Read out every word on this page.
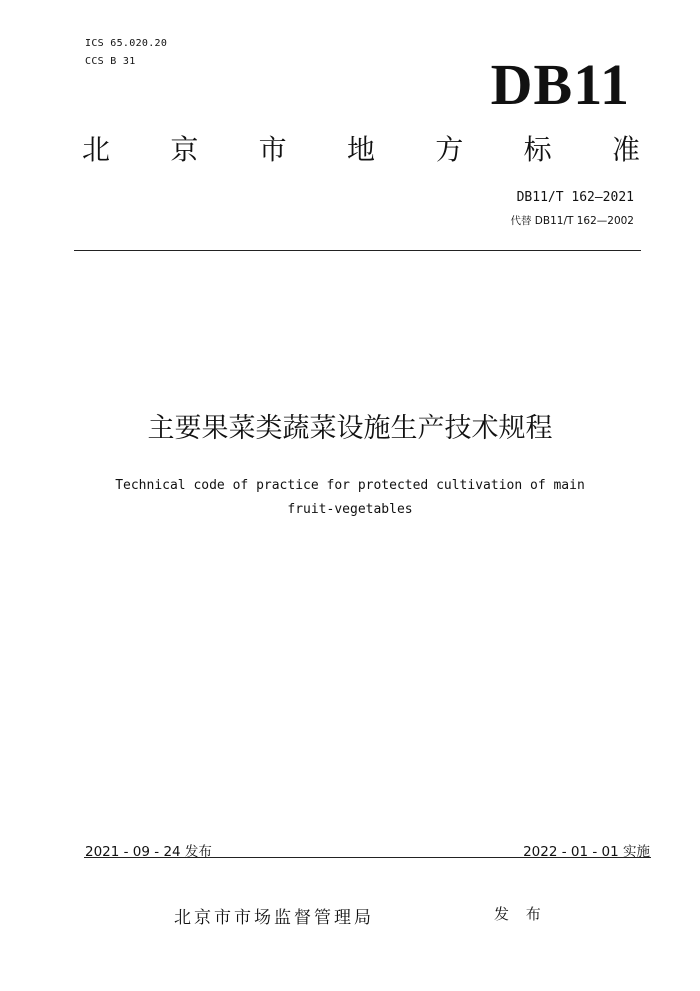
ICS 65.020.20
CCS B 31	DB11
北 京 市 地 方 标 准
DB11/T 162—2021
代替 DB11/T 162—2002
主要果菜类蔬菜设施生产技术规程
Technical code of practice for protected cultivation of main
fruit-vegetables
2021 - 09 - 24 发布	2022 - 01 - 01 实施
北京市市场监督管理局	发 布
